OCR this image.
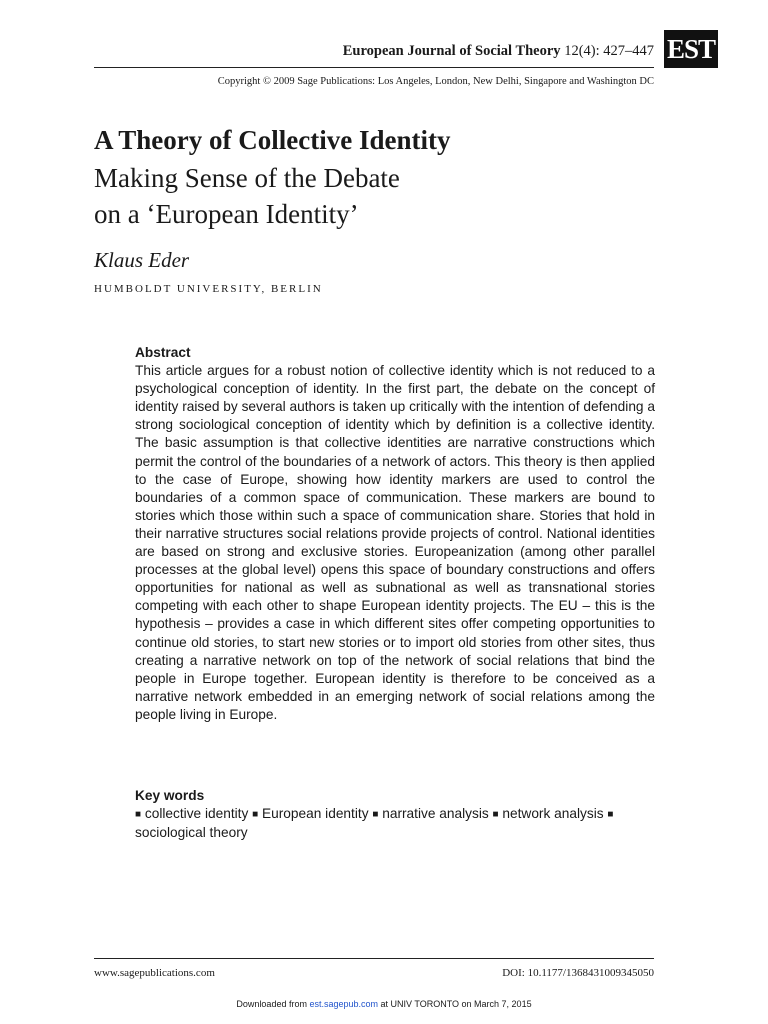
European Journal of Social Theory 12(4): 427–447 EST
Copyright © 2009 Sage Publications: Los Angeles, London, New Delhi, Singapore and Washington DC
A Theory of Collective Identity
Making Sense of the Debate
on a ‘European Identity’
Klaus Eder
HUMBOLDT UNIVERSITY, BERLIN
Abstract
This article argues for a robust notion of collective identity which is not reduced to a psychological conception of identity. In the first part, the debate on the concept of identity raised by several authors is taken up critically with the intention of defending a strong sociological conception of identity which by definition is a collective identity. The basic assumption is that collective identities are narrative constructions which permit the control of the boundaries of a network of actors. This theory is then applied to the case of Europe, showing how identity markers are used to control the boundaries of a common space of communication. These markers are bound to stories which those within such a space of communication share. Stories that hold in their narrative structures social relations provide projects of control. National identities are based on strong and exclusive stories. Europeanization (among other parallel processes at the global level) opens this space of boundary constructions and offers opportunities for national as well as subnational as well as transnational stories competing with each other to shape European identity projects. The EU – this is the hypothesis – provides a case in which different sites offer competing opportunities to continue old stories, to start new stories or to import old stories from other sites, thus creating a narrative network on top of the network of social relations that bind the people in Europe together. European identity is therefore to be conceived as a narrative network embedded in an emerging network of social relations among the people living in Europe.
Key words
■ collective identity ■ European identity ■ narrative analysis ■ network analysis ■ sociological theory
www.sagepublications.com	DOI: 10.1177/1368431009345050
Downloaded from est.sagepub.com at UNIV TORONTO on March 7, 2015
